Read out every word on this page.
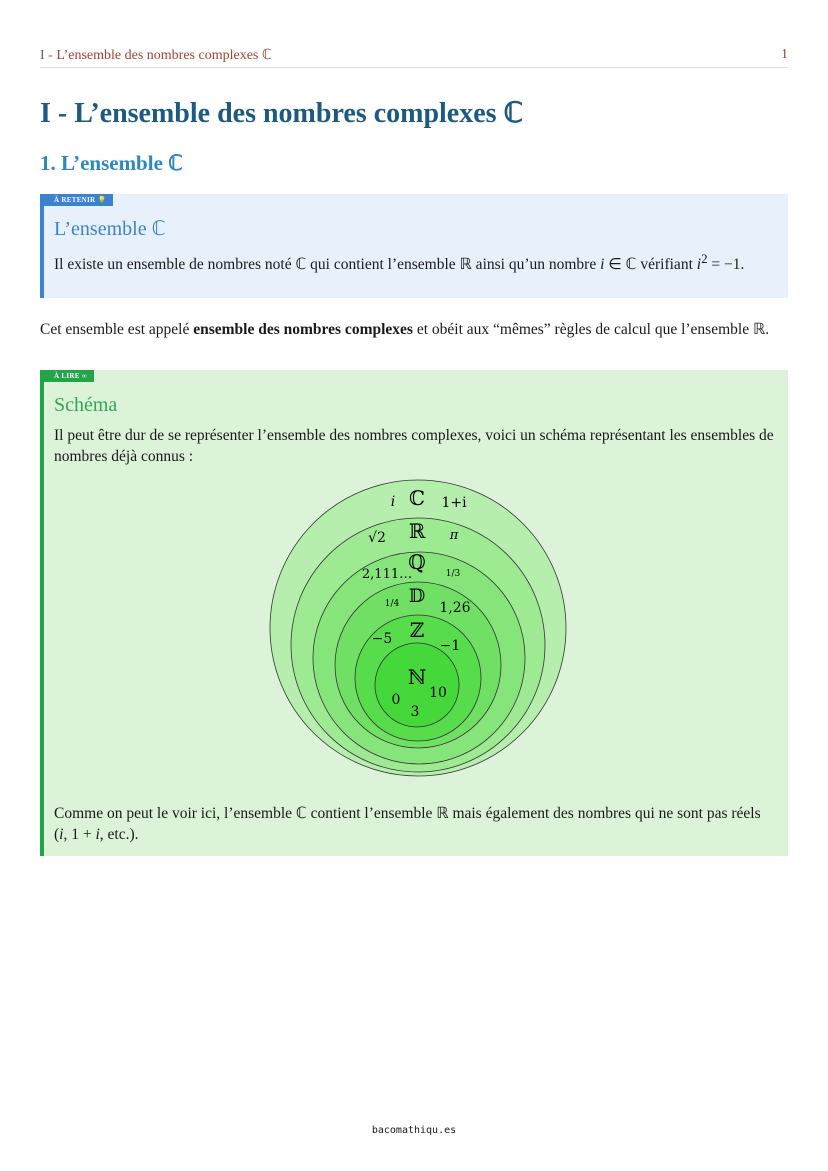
I - L’ensemble des nombres complexes ℂ	1
I - L’ensemble des nombres complexes ℂ
1. L’ensemble ℂ
À RETENIR 💡
L’ensemble ℂ
Il existe un ensemble de nombres noté ℂ qui contient l’ensemble ℝ ainsi qu’un nombre i ∈ ℂ vérifiant $i^2 = -1$.
Cet ensemble est appelé ensemble des nombres complexes et obéit aux “mêmes” règles de calcul que l’ensemble ℝ.
À LIRE ∞
Schéma
Il peut être dur de se représenter l’ensemble des nombres complexes, voici un schéma représentant les ensembles de nombres déjà connus :
ℂ
i	1+i
ℝ
√2	π
ℚ
2,111…	1/3
𝔻
1/4	1,26
ℤ
−5	−1
ℕ
0
3
10
Comme on peut le voir ici, l’ensemble ℂ contient l’ensemble ℝ mais également des nombres qui ne sont pas réels (i, 1 + i, etc.).
bacomathiqu.es
